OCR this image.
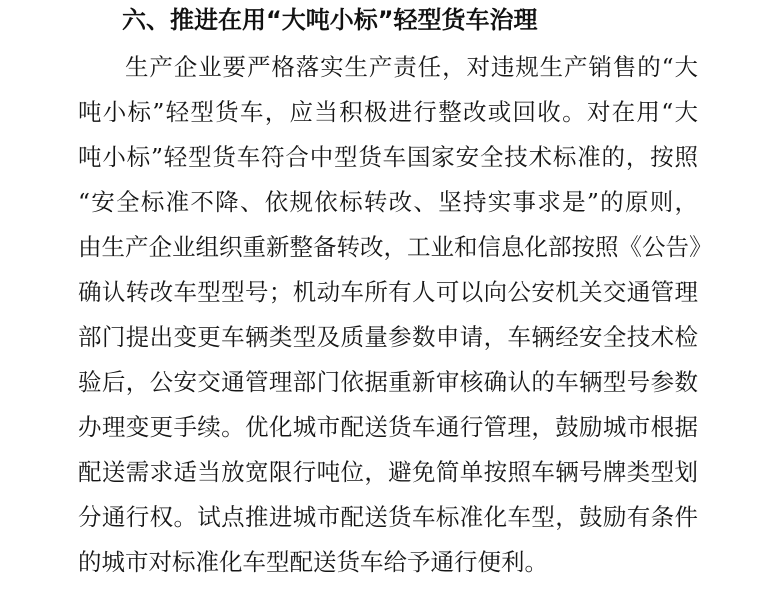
六、推进在用“大吨小标”轻型货车治理
生产企业要严格落实生产责任，对违规生产销售的“大
吨小标”轻型货车，应当积极进行整改或回收。对在用“大
吨小标”轻型货车符合中型货车国家安全技术标准的，按照
“安全标准不降、依规依标转改、坚持实事求是”的原则，
由生产企业组织重新整备转改，工业和信息化部按照《公告》
确认转改车型型号；机动车所有人可以向公安机关交通管理
部门提出变更车辆类型及质量参数申请，车辆经安全技术检
验后，公安交通管理部门依据重新审核确认的车辆型号参数
办理变更手续。优化城市配送货车通行管理，鼓励城市根据
配送需求适当放宽限行吨位，避免简单按照车辆号牌类型划
分通行权。试点推进城市配送货车标准化车型，鼓励有条件
的城市对标准化车型配送货车给予通行便利。
